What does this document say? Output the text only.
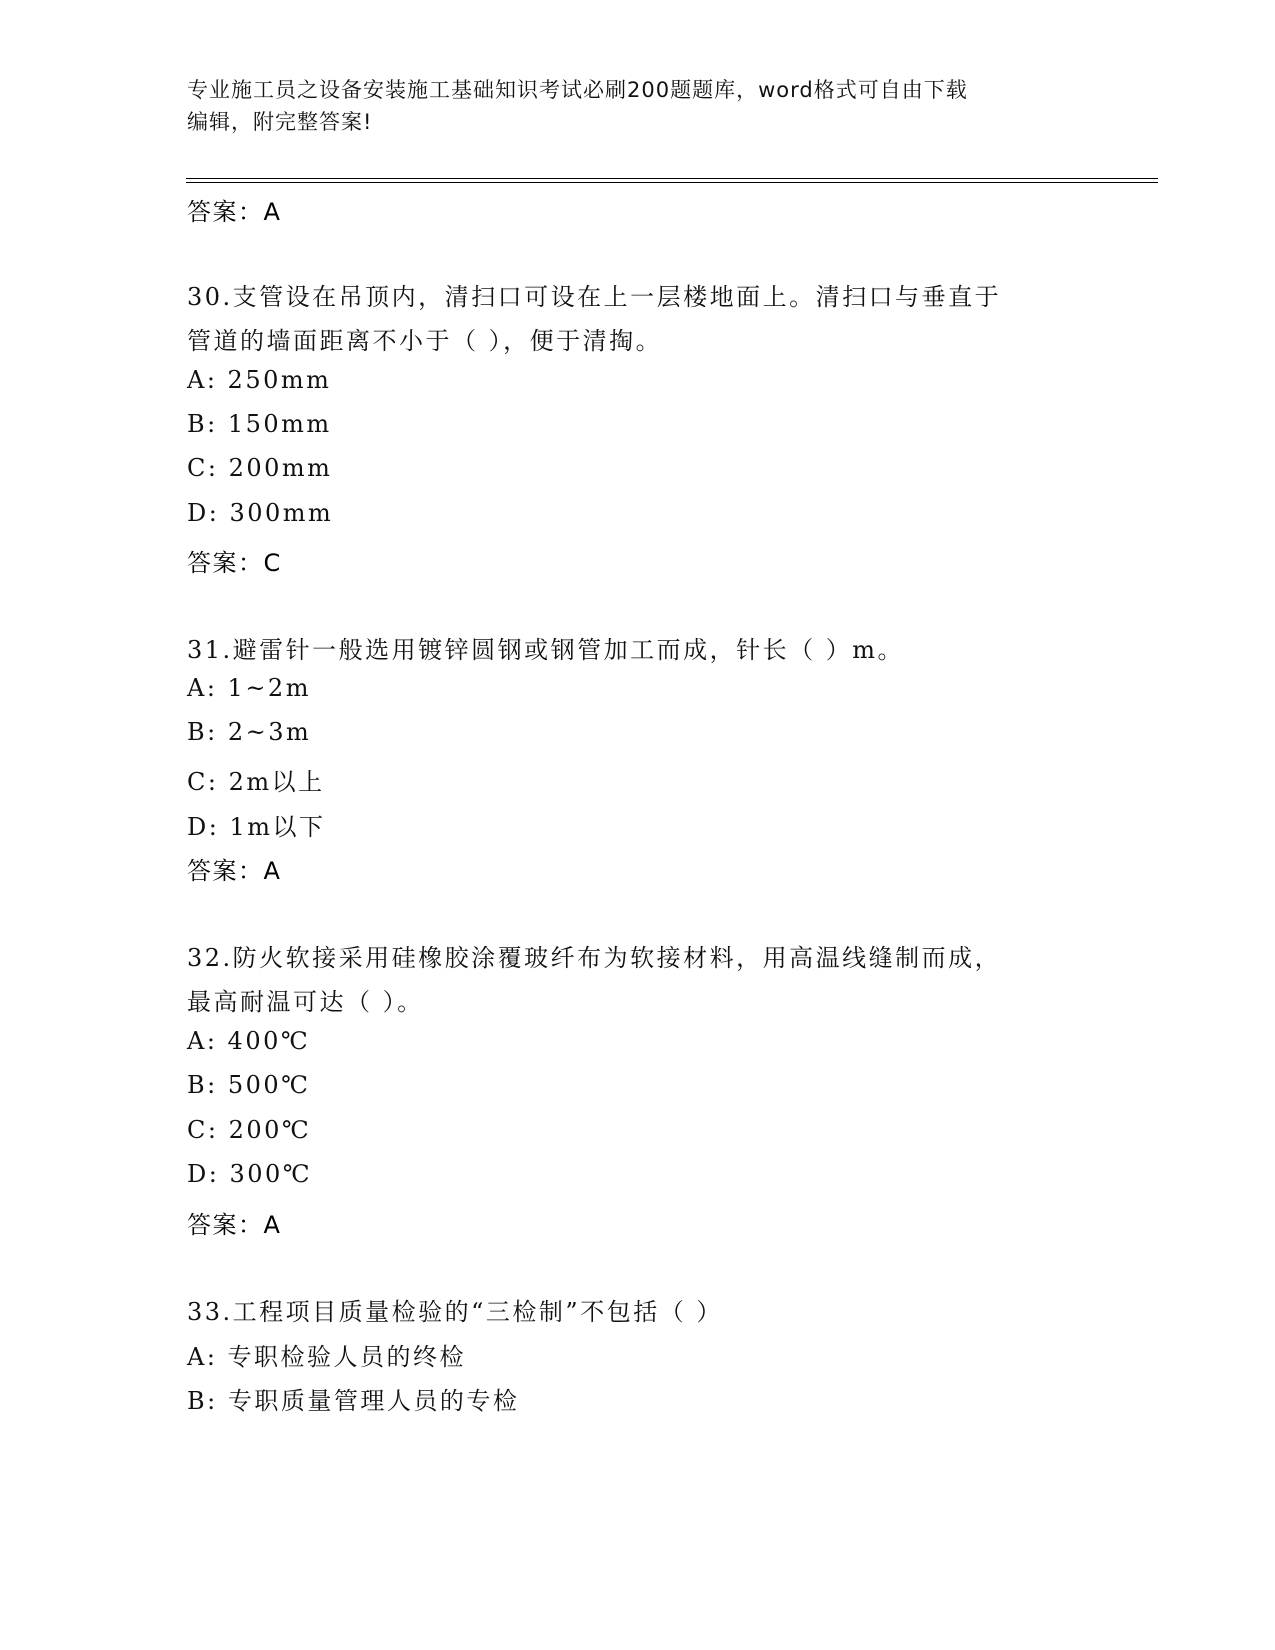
专业施工员之设备安装施工基础知识考试必刷200题题库，word格式可自由下载
编辑，附完整答案!
答案：A
30.支管设在吊顶内，清扫口可设在上一层楼地面上。清扫口与垂直于
管道的墙面距离不小于（ ），便于清掏。
A: 250mm
B: 150mm
C: 200mm
D: 300mm
答案：C
31.避雷针一般选用镀锌圆钢或钢管加工而成，针长（ ）m。
A: 1~2m
B: 2~3m
C: 2m以上
D: 1m以下
答案：A
32.防火软接采用硅橡胶涂覆玻纤布为软接材料，用高温线缝制而成，
最高耐温可达（ ）。
A: 400℃
B: 500℃
C: 200℃
D: 300℃
答案：A
33.工程项目质量检验的“三检制”不包括（ ）
A: 专职检验人员的终检
B: 专职质量管理人员的专检
